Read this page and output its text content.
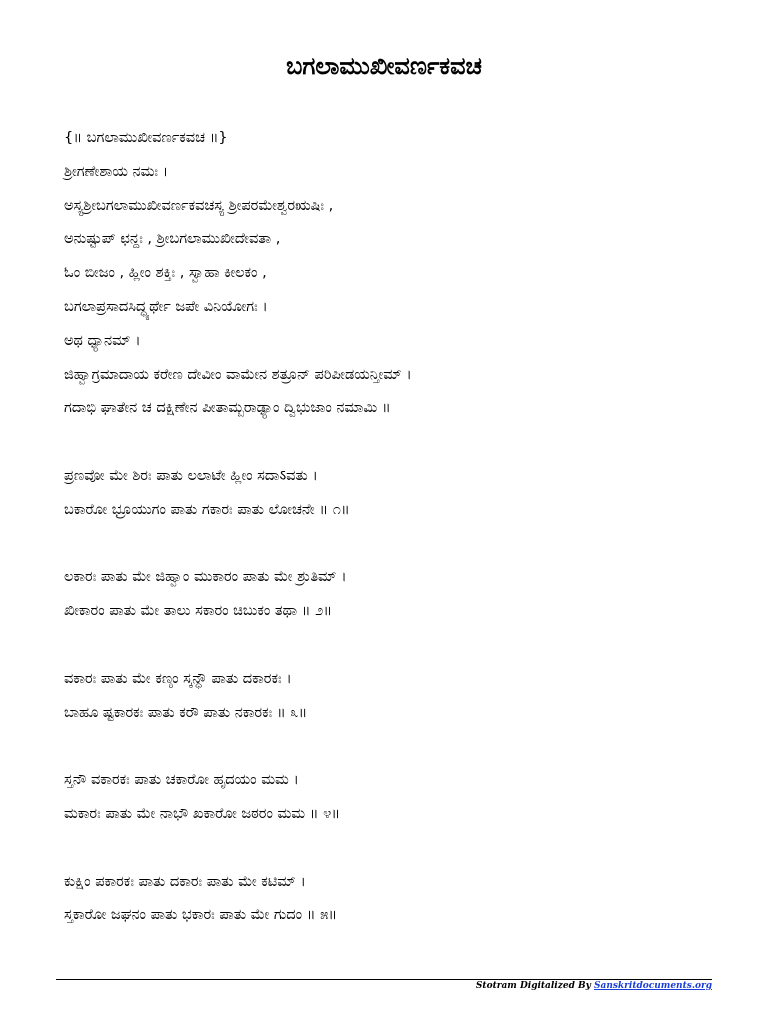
ಬಗಲಾಮುಖೀವರ್ಣಕವಚ
{॥ ಬಗಲಾಮುಖೀವರ್ಣಕವಚ ॥}
ಶ್ರೀಗಣೇಶಾಯ ನಮಃ ।
ಅಸ್ಯಶ್ರೀಬಗಲಾಮುಖೀವರ್ಣಕವಚಸ್ಯ ಶ್ರೀಪರಮೇಶ್ವರಋಷಿಃ ,
ಅನುಷ್ಟುಪ್ ಛನ್ದಃ , ಶ್ರೀಬಗಲಾಮುಖೀದೇವತಾ ,
ಓಂ ಬೀಜಂ , ಹ್ಲೀಂ ಶಕ್ತಿಃ , ಸ್ವಾಹಾ ಕೀಲಕಂ ,
ಬಗಲಾಪ್ರಸಾದಸಿದ್ಧ್ಯರ್ಥೇ ಜಪೇ ವಿನಿಯೋಗಃ ।
ಅಥ ಧ್ಯಾನಮ್ ।
ಜಿಹ್ವಾಗ್ರಮಾದಾಯ ಕರೇಣ ದೇವೀಂ ವಾಮೇನ ಶತ್ರೂನ್ ಪರಿಪೀಡಯನ್ತೀಮ್ ।
ಗದಾಭಿ ಘಾತೇನ ಚ ದಕ್ಷಿಣೇನ ಪೀತಾಮ್ಬರಾಢ್ಯಾಂ ದ್ವಿಭುಜಾಂ ನಮಾಮಿ ॥
ಪ್ರಣವೋ ಮೇ ಶಿರಃ ಪಾತು ಲಲಾಟೇ ಹ್ಲೀಂ ಸದಾऽವತು ।
ಬಕಾರೋ ಭ್ರೂಯುಗಂ ಪಾತು ಗಕಾರಃ ಪಾತು ಲೋಚನೇ ॥ ೧॥
ಲಕಾರಃ ಪಾತು ಮೇ ಜಿಹ್ವಾಂ ಮುಕಾರಂ ಪಾತು ಮೇ ಶ್ರುತಿಮ್ ।
ಖೀಕಾರಂ ಪಾತು ಮೇ ತಾಲು ಸಕಾರಂ ಚಿಬುಕಂ ತಥಾ ॥ ೨॥
ವಕಾರಃ ಪಾತು ಮೇ ಕಣ್ಠಂ ಸ್ಕನ್ಧೌ ಪಾತು ದಕಾರಕಃ ।
ಬಾಹೂ ಷ್ಟಕಾರಕಃ ಪಾತು ಕರೌ ಪಾತು ನಕಾರಕಃ ॥ ೩॥
ಸ್ತನೌ ವಕಾರಕಃ ಪಾತು ಚಕಾರೋ ಹೃದಯಂ ಮಮ ।
ಮಕಾರಃ ಪಾತು ಮೇ ನಾಭೌ ಖಕಾರೋ ಜಠರಂ ಮಮ ॥ ೪॥
ಕುಕ್ಷಿಂ ಪಕಾರಕಃ ಪಾತು ದಕಾರಃ ಪಾತು ಮೇ ಕಟಿಮ್ ।
ಸ್ತಕಾರೋ ಜಘನಂ ಪಾತು ಭಕಾರಃ ಪಾತು ಮೇ ಗುದಂ ॥ ೫॥
Stotram Digitalized By Sanskritdocuments.org
